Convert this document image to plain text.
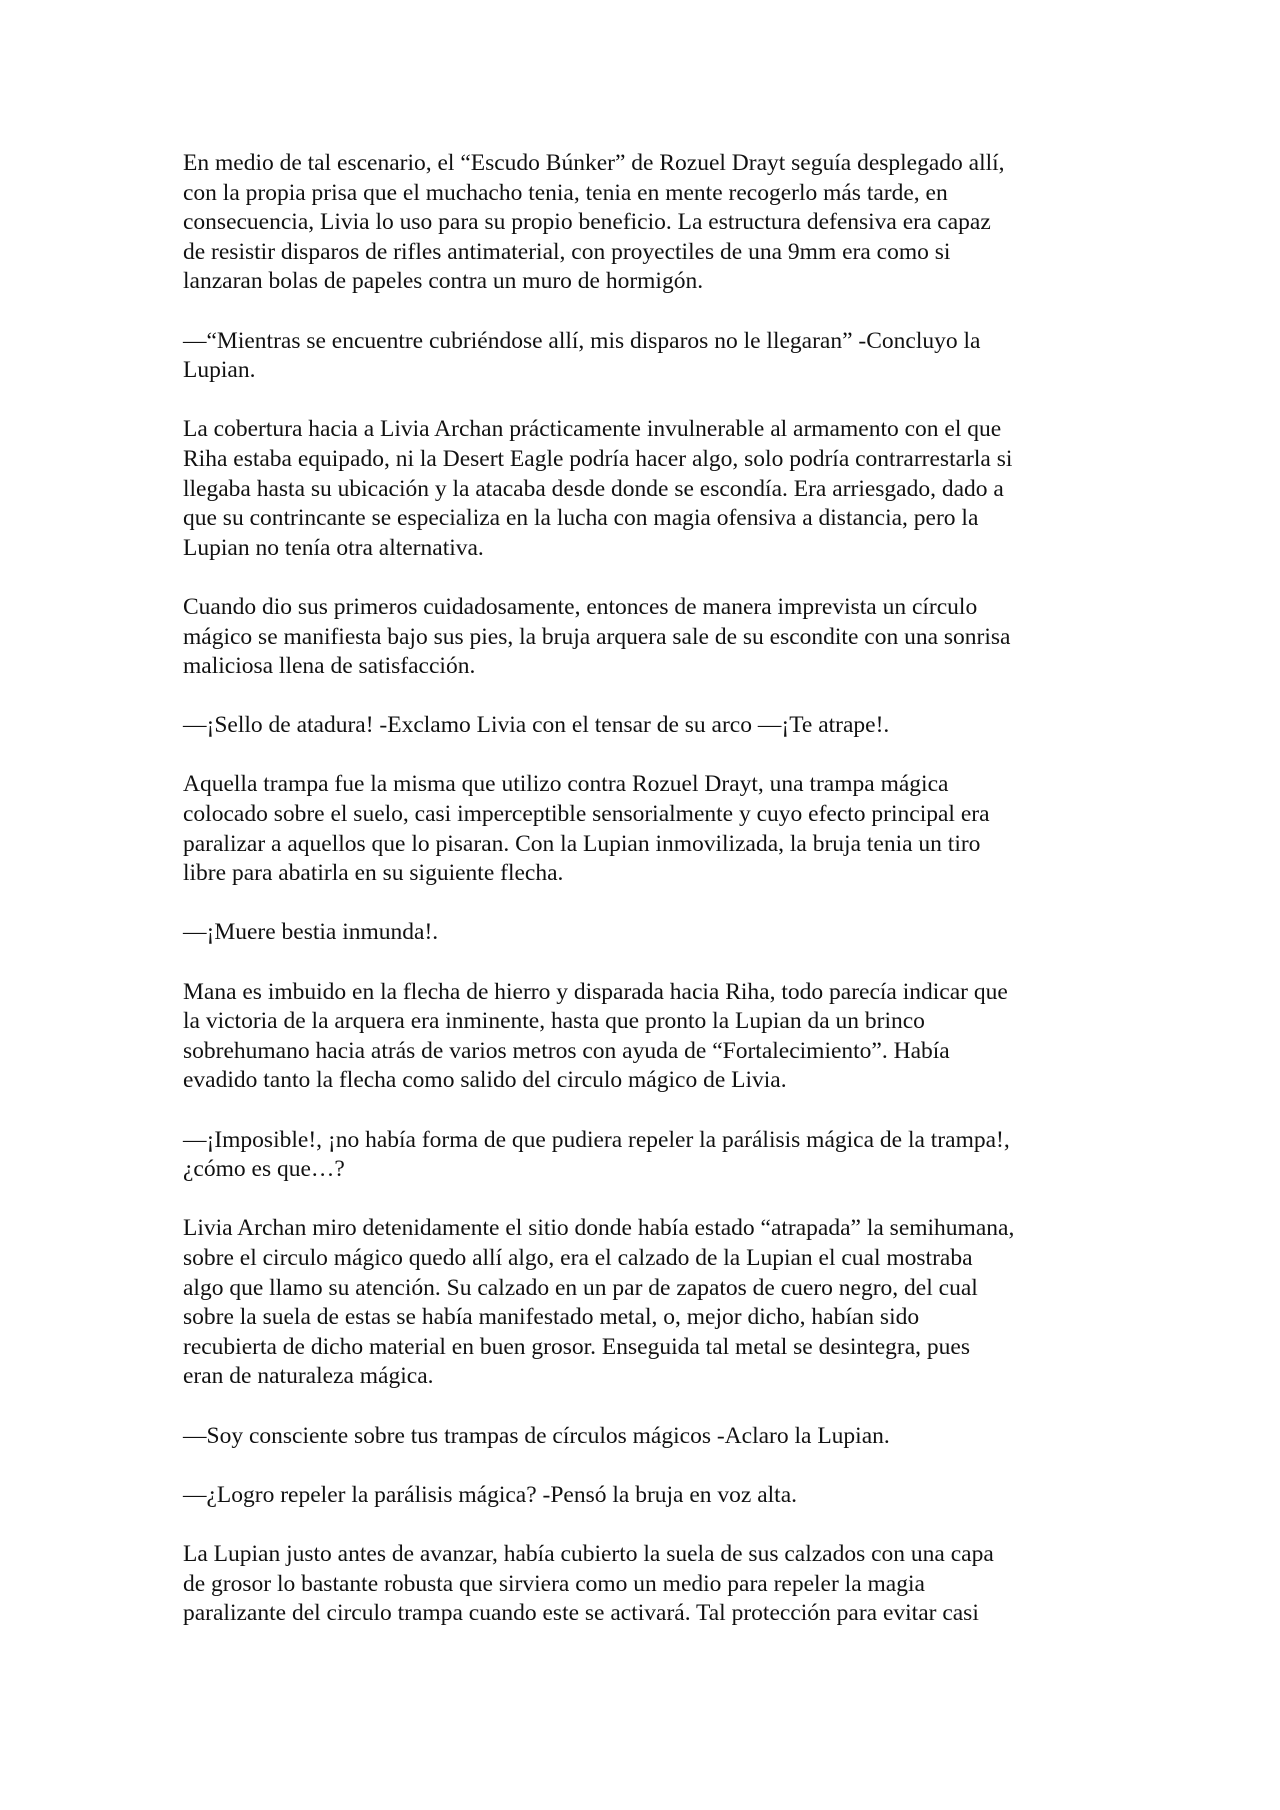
En medio de tal escenario, el “Escudo Búnker” de Rozuel Drayt seguía desplegado allí,
con la propia prisa que el muchacho tenia, tenia en mente recogerlo más tarde, en
consecuencia, Livia lo uso para su propio beneficio. La estructura defensiva era capaz
de resistir disparos de rifles antimaterial, con proyectiles de una 9mm era como si
lanzaran bolas de papeles contra un muro de hormigón.

—“Mientras se encuentre cubriéndose allí, mis disparos no le llegaran” -Concluyo la
Lupian.

La cobertura hacia a Livia Archan prácticamente invulnerable al armamento con el que
Riha estaba equipado, ni la Desert Eagle podría hacer algo, solo podría contrarrestarla si
llegaba hasta su ubicación y la atacaba desde donde se escondía. Era arriesgado, dado a
que su contrincante se especializa en la lucha con magia ofensiva a distancia, pero la
Lupian no tenía otra alternativa.

Cuando dio sus primeros cuidadosamente, entonces de manera imprevista un círculo
mágico se manifiesta bajo sus pies, la bruja arquera sale de su escondite con una sonrisa
maliciosa llena de satisfacción.

—¡Sello de atadura! -Exclamo Livia con el tensar de su arco —¡Te atrape!.

Aquella trampa fue la misma que utilizo contra Rozuel Drayt, una trampa mágica
colocado sobre el suelo, casi imperceptible sensorialmente y cuyo efecto principal era
paralizar a aquellos que lo pisaran. Con la Lupian inmovilizada, la bruja tenia un tiro
libre para abatirla en su siguiente flecha.

—¡Muere bestia inmunda!.

Mana es imbuido en la flecha de hierro y disparada hacia Riha, todo parecía indicar que
la victoria de la arquera era inminente, hasta que pronto la Lupian da un brinco
sobrehumano hacia atrás de varios metros con ayuda de “Fortalecimiento”. Había
evadido tanto la flecha como salido del circulo mágico de Livia.

—¡Imposible!, ¡no había forma de que pudiera repeler la parálisis mágica de la trampa!,
¿cómo es que…?

Livia Archan miro detenidamente el sitio donde había estado “atrapada” la semihumana,
sobre el circulo mágico quedo allí algo, era el calzado de la Lupian el cual mostraba
algo que llamo su atención. Su calzado en un par de zapatos de cuero negro, del cual
sobre la suela de estas se había manifestado metal, o, mejor dicho, habían sido
recubierta de dicho material en buen grosor. Enseguida tal metal se desintegra, pues
eran de naturaleza mágica.

—Soy consciente sobre tus trampas de círculos mágicos -Aclaro la Lupian.

—¿Logro repeler la parálisis mágica? -Pensó la bruja en voz alta.

La Lupian justo antes de avanzar, había cubierto la suela de sus calzados con una capa
de grosor lo bastante robusta que sirviera como un medio para repeler la magia
paralizante del circulo trampa cuando este se activará. Tal protección para evitar casi
